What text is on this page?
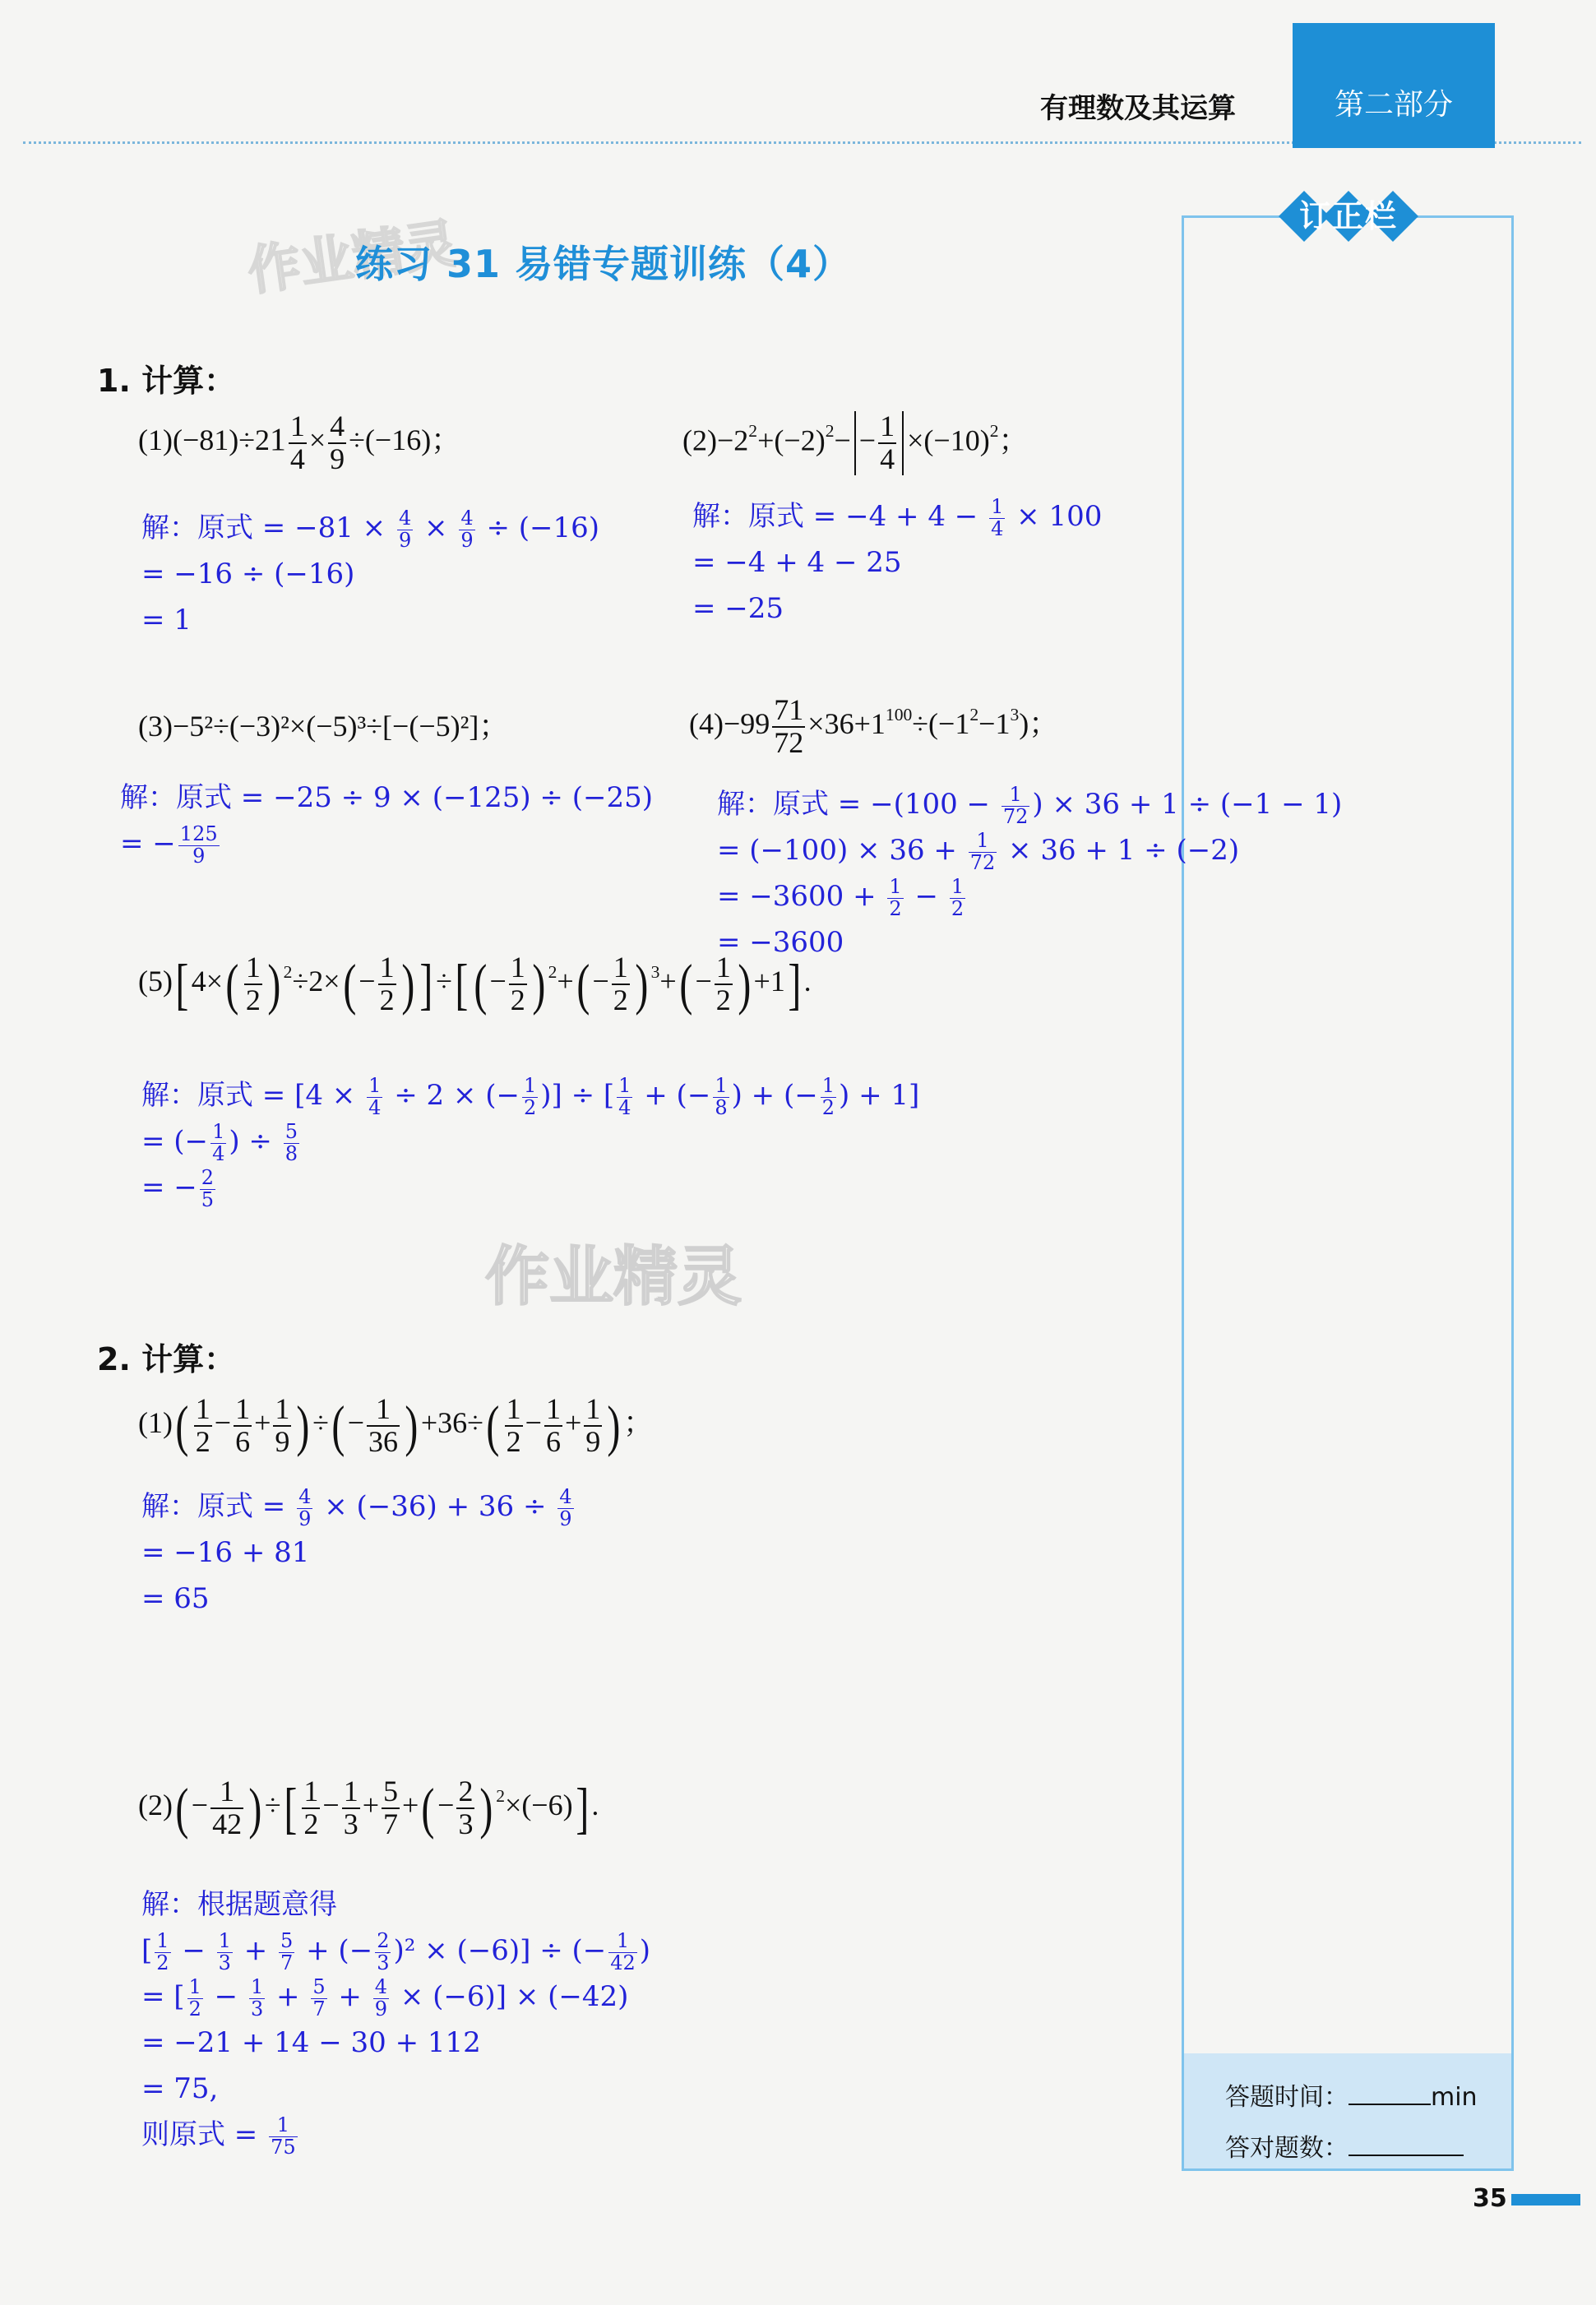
有理数及其运算	第二部分
订正栏
答题时间：	min
答对题数：
作业精灵
练习 31 易错专题训练（4）
1. 计算：
$(1)(-81)\div 21 \frac{1}{4} \times \frac{4}{9} \div(-16)$；
解：原式 = $-81 \times \frac{4}{9} \times \frac{4}{9} \div (-16)$
= −16 ÷ (−16)
= 1
$(2)-2^2+(-2)^2- - \frac{1}{4} \times(-10)^2$；
解：原式 = $-4 + 4 - \frac{1}{4} \times 100$
= −4 + 4 − 25
= −25
(3)−5²÷(−3)²×(−5)³÷[−(−5)²]；
解：原式 = −25 ÷ 9 × (−125) ÷ (−25)
= − $\frac{125}{9}$
$(4)-99 \frac{71}{72} \times 36+1^{100}\div(-1^2-1^3)$；
解：原式 = $-(100 - \frac{1}{72}$ ) × 36 + 1 ÷ (−1 − 1)
= $(-100) \times 36 + \frac{1}{72} \times 36 + 1 \div (-2)$
= $-3600 + \frac{1}{2} - \frac{1}{2}$
= −3600
$(5)[4\times( \frac{1}{2}$ ) $^2\div 2\times(- \frac{1}{2}$ )]÷[(− $\frac{1}{2}$ ) $^2+(- \frac{1}{2}$ ) $^3+(- \frac{1}{2} )+1$].
解：原式 = [$4 \times \frac{1}{4} \div 2$ × (− $\frac{1}{2}$ )] ÷ [ $\frac{1}{4}$ + (− $\frac{1}{8}$ ) + (− $\frac{1}{2}$ ) + 1]
= (− $\frac{1}{4}$ ) ÷ $\frac{5}{8}$
= − $\frac{2}{5}$
作业精灵
2. 计算：
$(1)( \frac{1}{2} - \frac{1}{6} + \frac{1}{9}$ )÷(− $\frac{1}{36} )+36\div( \frac{1}{2} - \frac{1}{6} + \frac{1}{9}$ )；
解：原式 = $\frac{4}{9} \times (-36) + 36 \div \frac{4}{9}$
= −16 + 81
= 65
$(2)(- \frac{1}{42}$ )÷[ $\frac{1}{2} - \frac{1}{3} + \frac{5}{7}$ +(− $\frac{2}{3}$ ) $^2$×(−6)].
解：根据题意得
[ $\frac{1}{2} - \frac{1}{3} + \frac{5}{7}$ + (− $\frac{2}{3} )^2 \times (-6)$] ÷ (− $\frac{1}{42}$ )
= [ $\frac{1}{2} - \frac{1}{3} + \frac{5}{7} + \frac{4}{9} \times (-6)] \times (-42)$
= −21 + 14 − 30 + 112
= 75,
则原式 = $\frac{1}{75}$
35
